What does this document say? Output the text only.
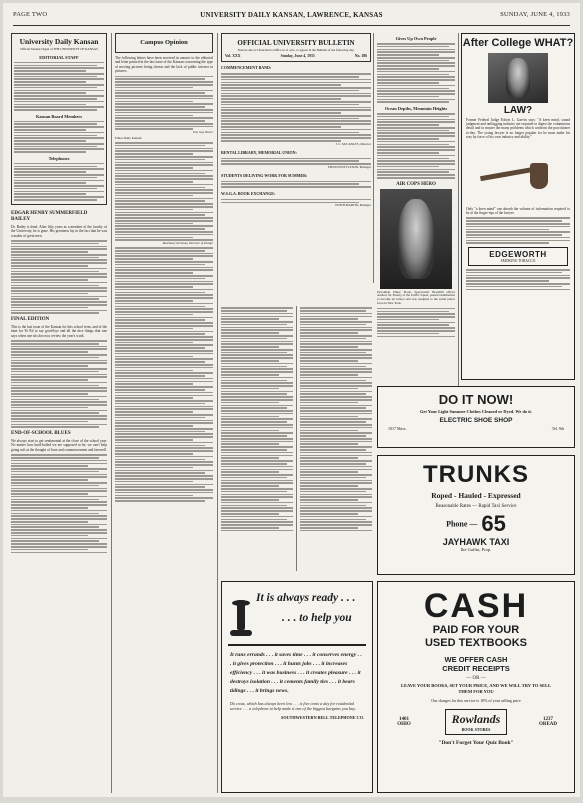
PAGE TWO	UNIVERSITY DAILY KANSAN, LAWRENCE, KANSAS	SUNDAY, JUNE 4, 1933
University Daily Kansan
Official Student Organ of THE UNIVERSITY OF KANSAS
EDITORIAL STAFF
Kansan Board Members
Telephones
EDGAR HENRY SUMMERFIELD BAILEY

Dr. Bailey is dead. After fifty years as a member of the faculty of the University, he is gone. His greatness lay in the fact that he was a maker of great men.

FINAL EDITION

This is the last issue of the Kansan for this school term, and of the time for Ye Ed to say good-bye and all the nice things that one says when one sits down to review the year's work.

END-OF-SCHOOL BLUES

We always start to get sentimental at the close of the school year. No matter how hard-boiled we are supposed to be, we can't help going soft at the thought of June and commencement and farewell.

Campus Opinion

The following letters have been received in answer to the editorial and letter printed in the last issue of the Kansan concerning the type of moving pictures being shown and the lack of public interest in pictures.

Eva Gay Stover
Editor Daily Kansan:
Rosemary Kershaw, Director of Design
OFFICIAL UNIVERSITY BULLETIN
Notices due at Chancellor's Office at 11 a.m., to appear in the Bulletin of the following day.
Vol. XXX	Sunday, June 4, 1933	No. 186
COMMENCEMENT BAND:
J. C. McCANLES, Director
RENTAL LIBRARY, MEMORIAL UNION:
EDWIN HUTTLESON, Manager
STUDENTS DELIVING WORK FOR SUMMER:
W.S.G.A. BOOK EXCHANGE:
EDITH MARTIN, Manager
Gives Up Own People
Ocean Depths, Mountain Heights
AIR COPS HERO

Patrolman Elmer Plock, Spectacular Berryhill officer Andrew M. Finerty of the Traffic Squad, passed examination to become an aviator and was assigned to the aerial police force in New York.

After College WHAT?
LAW?

Former Federal Judge Edwin L. Garvin says: "A keen mind, sound judgment and unflagging industry are required to digest the voluminous detail and to master the many problems which confront the practitioner to-day. The young lawyer is no longer popular for he must make his way by force of his own industry and ability."

Only "a keen mind" can absorb the volume of information required to be at the finger-tips of the lawyer.

EDGEWORTH
SMOKING TOBACCO
DO IT NOW!
Get Your Light Summer Clothes Cleaned or Dyed. We do it.
ELECTRIC SHOE SHOP
1017 Mass.	Tel. 9th
TRUNKS
Roped - Hauled - Expressed
Reasonable Rates — Rapid Taxi Service
Phone — 65
JAYHAWK TAXI
Ike Gaffin, Prop.
CASH
PAID FOR YOUR
USED TEXTBOOKS
WE OFFER CASH
CREDIT RECEIPTS
— OR —
LEAVE YOUR BOOKS, SET YOUR PRICE, AND WE WILL TRY TO SELL THEM FOR YOU
Our charges for this service is 10% of your selling price
1401 OHIO	Rowlands
BOOK STORES
1237 OREAD
"Don't Forget Your Quiz Book"
It is always ready . . .
. . . to help you

It runs errands . . . it saves time . . . it conserves energy . . . it gives protection . . . it hunts jobs . . . it increases efficiency . . . it was business . . . it creates pleasure . . . it destroys isolation . . . it cements family ties . . . it bears tidings . . . it brings news.

Do costs, which has always been low . . . is five cents a day for residential service . . . a telephone to help make it one of the biggest bargains you buy.

SOUTHWESTERN BELL TELEPHONE CO.
